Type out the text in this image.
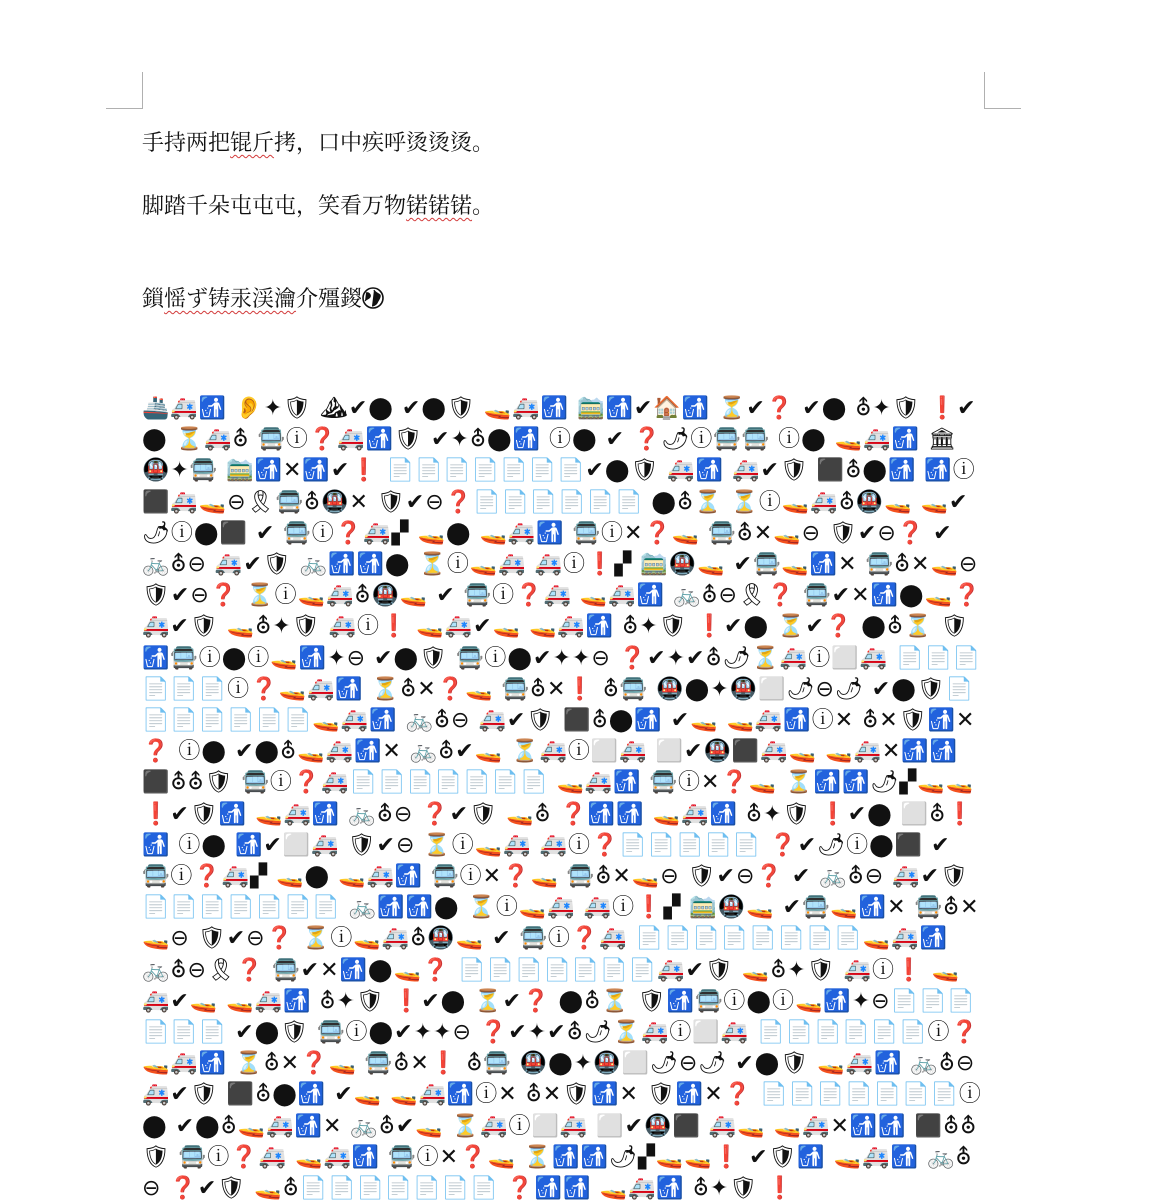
手持两把锟斤拷，口中疾呼烫烫烫。
脚踏千朵屯屯屯，笑看万物锘锘锘。
鎻愮ず铸汞渓瀹介殭鍐
🚢🚑🚮 👂✦🛡 ⛰✔⬤ ✔⬤🛡 🚤🚑🚮 🚞🚮✔🏠🚮 ⏳✔❓ ✔⬤ ⛢✦🛡 ❗✔⬤ ⏳🚑⛢ 🚍ⓘ❓🚑🚮🛡 ✔✦⛢⬤🚮 ⓘ⬤ ✔ ❓🌶ⓘ🚍🚍 ⓘ⬤ 🚤🚑🚮 🏛🚇✦🚍 🚞🚮✕🚮✔❗ 📄📄📄📄📄📄📄✔⬤🛡 🚑🚮 🚑✔🛡 ⬛⛢⬤🚮 🚮ⓘ⬛🚑🚤⊖🎗🚍⛢🚇✕ 🛡✔⊖❓📄📄📄📄📄📄 ⬤⛢⏳ ⏳ⓘ🚤🚑⛢🚇🚤 🚤✔🌶ⓘ⬤⬛ ✔ 🚍ⓘ❓🚑▞ 🚤⬤ 🚤🚑🚮 🚍ⓘ✕❓🚤 🚍⛢✕🚤⊖ 🛡✔⊖❓ ✔ 🚲⛢⊖ 🚑✔🛡 🚲🚮🚮⬤ ⏳ⓘ🚤🚑 🚑ⓘ❗▞ 🚞🚇🚤 ✔🚍🚤🚮✕ 🚍⛢✕🚤⊖ 🛡✔⊖❓ ⏳ⓘ🚤🚑⛢🚇🚤 ✔ 🚍ⓘ❓🚑 🚤🚑🚮 🚲⛢⊖🎗❓ 🚍✔✕🚮⬤🚤❓ 🚑✔🛡 🚤⛢✦🛡 🚑ⓘ❗ 🚤🚑✔🚤 🚤🚑🚮 ⛢✦🛡 ❗✔⬤ ⏳✔❓ ⬤⛢⏳ 🛡🚮🚍ⓘ⬤ⓘ🚤🚮✦⊖ ✔⬤🛡 🚍ⓘ⬤✔✦✦⊖ ❓✔✦✔⛢🌶⏳🚑ⓘ⬜🚑 📄📄📄📄📄📄ⓘ❓🚤🚑🚮 ⏳⛢✕❓🚤 🚍⛢✕❗ ⛢🚍 🚇⬤✦🚇⬜🌶⊖🌶 ✔⬤🛡📄📄📄📄📄📄📄🚤🚑🚮 🚲⛢⊖ 🚑✔🛡 ⬛⛢⬤🚮 ✔🚤 🚤🚑🚮ⓘ✕ ⛢✕🛡🚮✕❓ ⓘ⬤ ✔⬤⛢🚤🚑🚮✕ 🚲⛢✔🚤 ⏳🚑ⓘ⬜🚑 ⬜✔🚇⬛🚑🚤 🚤🚑✕🚮🚮 ⬛⛢⛢🛡 🚍ⓘ❓🚑📄📄📄📄📄📄📄 🚤🚑🚮 🚍ⓘ✕❓🚤 ⏳🚮🚮🌶▞🚤🚤 ❗✔🛡🚮 🚤🚑🚮 🚲⛢⊖ ❓✔🛡 🚤⛢ ❓🚮🚮 🚤🚑🚮 ⛢✦🛡 ❗✔⬤ ⬜⛢❗🚮 ⓘ⬤ 🚮✔⬜🚑 🛡✔⊖ ⏳ⓘ🚤🚑 🚑ⓘ❓📄📄📄📄📄 ❓✔🌶ⓘ⬤⬛ ✔ 🚍ⓘ❓🚑▞ 🚤⬤ 🚤🚑🚮 🚍ⓘ✕❓🚤 🚍⛢✕🚤⊖ 🛡✔⊖❓ ✔ 🚲⛢⊖ 🚑✔🛡📄📄📄📄📄📄📄 🚲🚮🚮⬤ ⏳ⓘ🚤🚑 🚑ⓘ❗▞ 🚞🚇🚤 ✔🚍🚤🚮✕ 🚍⛢✕🚤⊖ 🛡✔⊖❓ ⏳ⓘ🚤🚑⛢🚇🚤 ✔ 🚍ⓘ❓🚑 📄📄📄📄📄📄📄📄🚤🚑🚮 🚲⛢⊖🎗❓ 🚍✔✕🚮⬤🚤❓ 📄📄📄📄📄📄📄🚑✔🛡 🚤⛢✦🛡 🚑ⓘ❗ 🚤🚑✔🚤 🚤🚑🚮 ⛢✦🛡 ❗✔⬤ ⏳✔❓ ⬤⛢⏳ 🛡🚮🚍ⓘ⬤ⓘ🚤🚮✦⊖📄📄📄📄📄📄 ✔⬤🛡 🚍ⓘ⬤✔✦✦⊖ ❓✔✦✔⛢🌶⏳🚑ⓘ⬜🚑 📄📄📄📄📄📄ⓘ❓ 🚤🚑🚮 ⏳⛢✕❓🚤 🚍⛢✕❗ ⛢🚍 🚇⬤✦🚇⬜🌶⊖🌶 ✔⬤🛡 🚤🚑🚮 🚲⛢⊖ 🚑✔🛡 ⬛⛢⬤🚮 ✔🚤 🚤🚑🚮ⓘ✕ ⛢✕🛡🚮✕ 🛡🚮✕❓ 📄📄📄📄📄📄📄ⓘ⬤ ✔⬤⛢🚤🚑🚮✕ 🚲⛢✔🚤 ⏳🚑ⓘ⬜🚑 ⬜✔🚇⬛ 🚑🚤 🚤🚑✕🚮🚮 ⬛⛢⛢🛡 🚍ⓘ❓🚑 🚤🚑🚮 🚍ⓘ✕❓🚤 ⏳🚮🚮🌶▞🚤🚤❗ ✔🛡🚮 🚤🚑🚮 🚲⛢⊖ ❓✔🛡 🚤⛢📄📄📄📄📄📄📄 ❓🚮🚮 🚤🚑🚮 ⛢✦🛡 ❗
